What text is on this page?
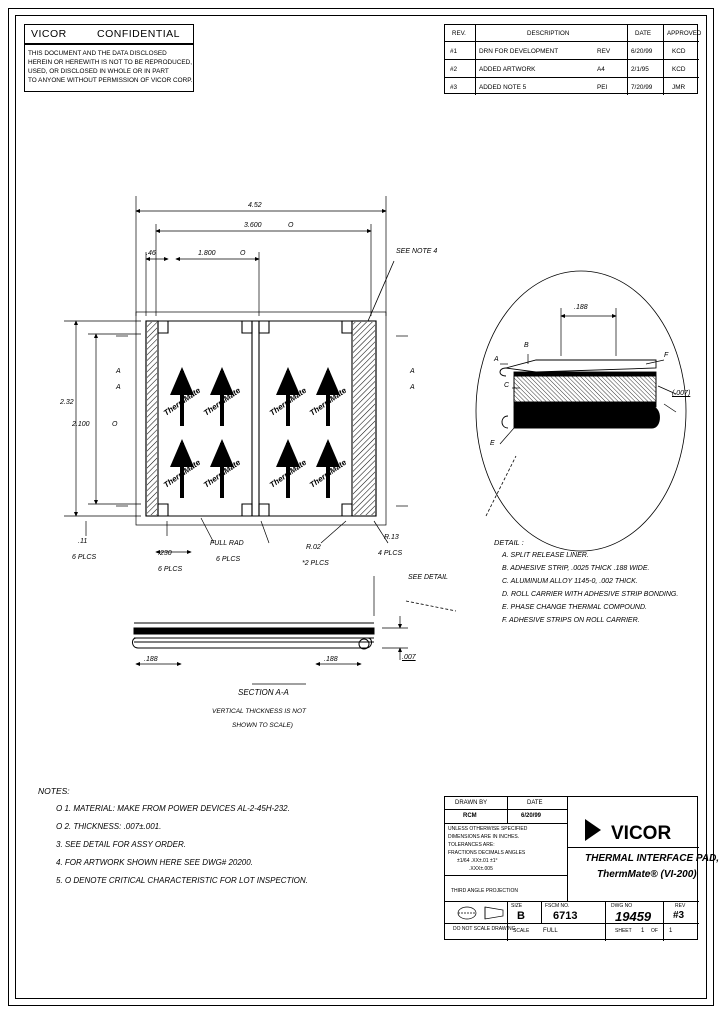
VICOR	CONFIDENTIAL
THIS DOCUMENT AND THE DATA DISCLOSED
HEREIN OR HEREWITH IS NOT TO BE REPRODUCED,
USED, OR DISCLOSED IN WHOLE OR IN PART
TO ANYONE WITHOUT PERMISSION OF VICOR CORP.
REV.	DESCRIPTION	DATE	APPROVED
#1	DRN FOR DEVELOPMENT	REV	6/20/99	KCD
#2	ADDED ARTWORK	A4	2/1/95	KCD
#3	ADDED NOTE 5	PEI	7/20/99	JMR
ThermMate ThermMate	ThermMate ThermMate
ThermMate ThermMate	ThermMate ThermMate
4.52
3.600	O
.46	1.800	O
2.32
2.100	O
A
A
A
A
SEE NOTE 4
SEE DETAIL
.11
6 PLCS
.230
6 PLCS
FULL RAD
6 PLCS
R.02
*2 PLCS
R.13
4 PLCS
.188	.188	.007
SECTION A-A
VERTICAL THICKNESS IS NOT
SHOWN TO SCALE)
.188
(.007)
A
B
C
D
E
F
DETAIL :
A. SPLIT RELEASE LINER.
B. ADHESIVE STRIP, .0025 THICK .188 WIDE.
C. ALUMINUM ALLOY 1145-0, .002 THICK.
D. ROLL CARRIER WITH ADHESIVE STRIP BONDING.
E. PHASE CHANGE THERMAL COMPOUND.
F. ADHESIVE STRIPS ON ROLL CARRIER.
NOTES:
O 1. MATERIAL: MAKE FROM POWER DEVICES AL-2-45H-232.
O 2. THICKNESS: .007±.001.
3. SEE DETAIL FOR ASSY ORDER.
4. FOR ARTWORK SHOWN HERE SEE DWG# 20200.
5. O DENOTE CRITICAL CHARACTERISTIC FOR LOT INSPECTION.
DRAWN BY	DATE
RCM	6/20/99
UNLESS OTHERWISE SPECIFIED
DIMENSIONS ARE IN INCHES.
TOLERANCES ARE:
FRACTIONS DECIMALS ANGLES
±1/64 .XX±.01 ±1°
.XXX±.005
VICOR
THERMAL INTERFACE PAD,
ThermMate® (VI-200)
THIRD ANGLE PROJECTION
DO NOT SCALE DRAWING
SIZE
B
FSCM NO.
6713
DWG NO
19459
REV
#3
SCALE FULL	SHEET 1 OF 1
